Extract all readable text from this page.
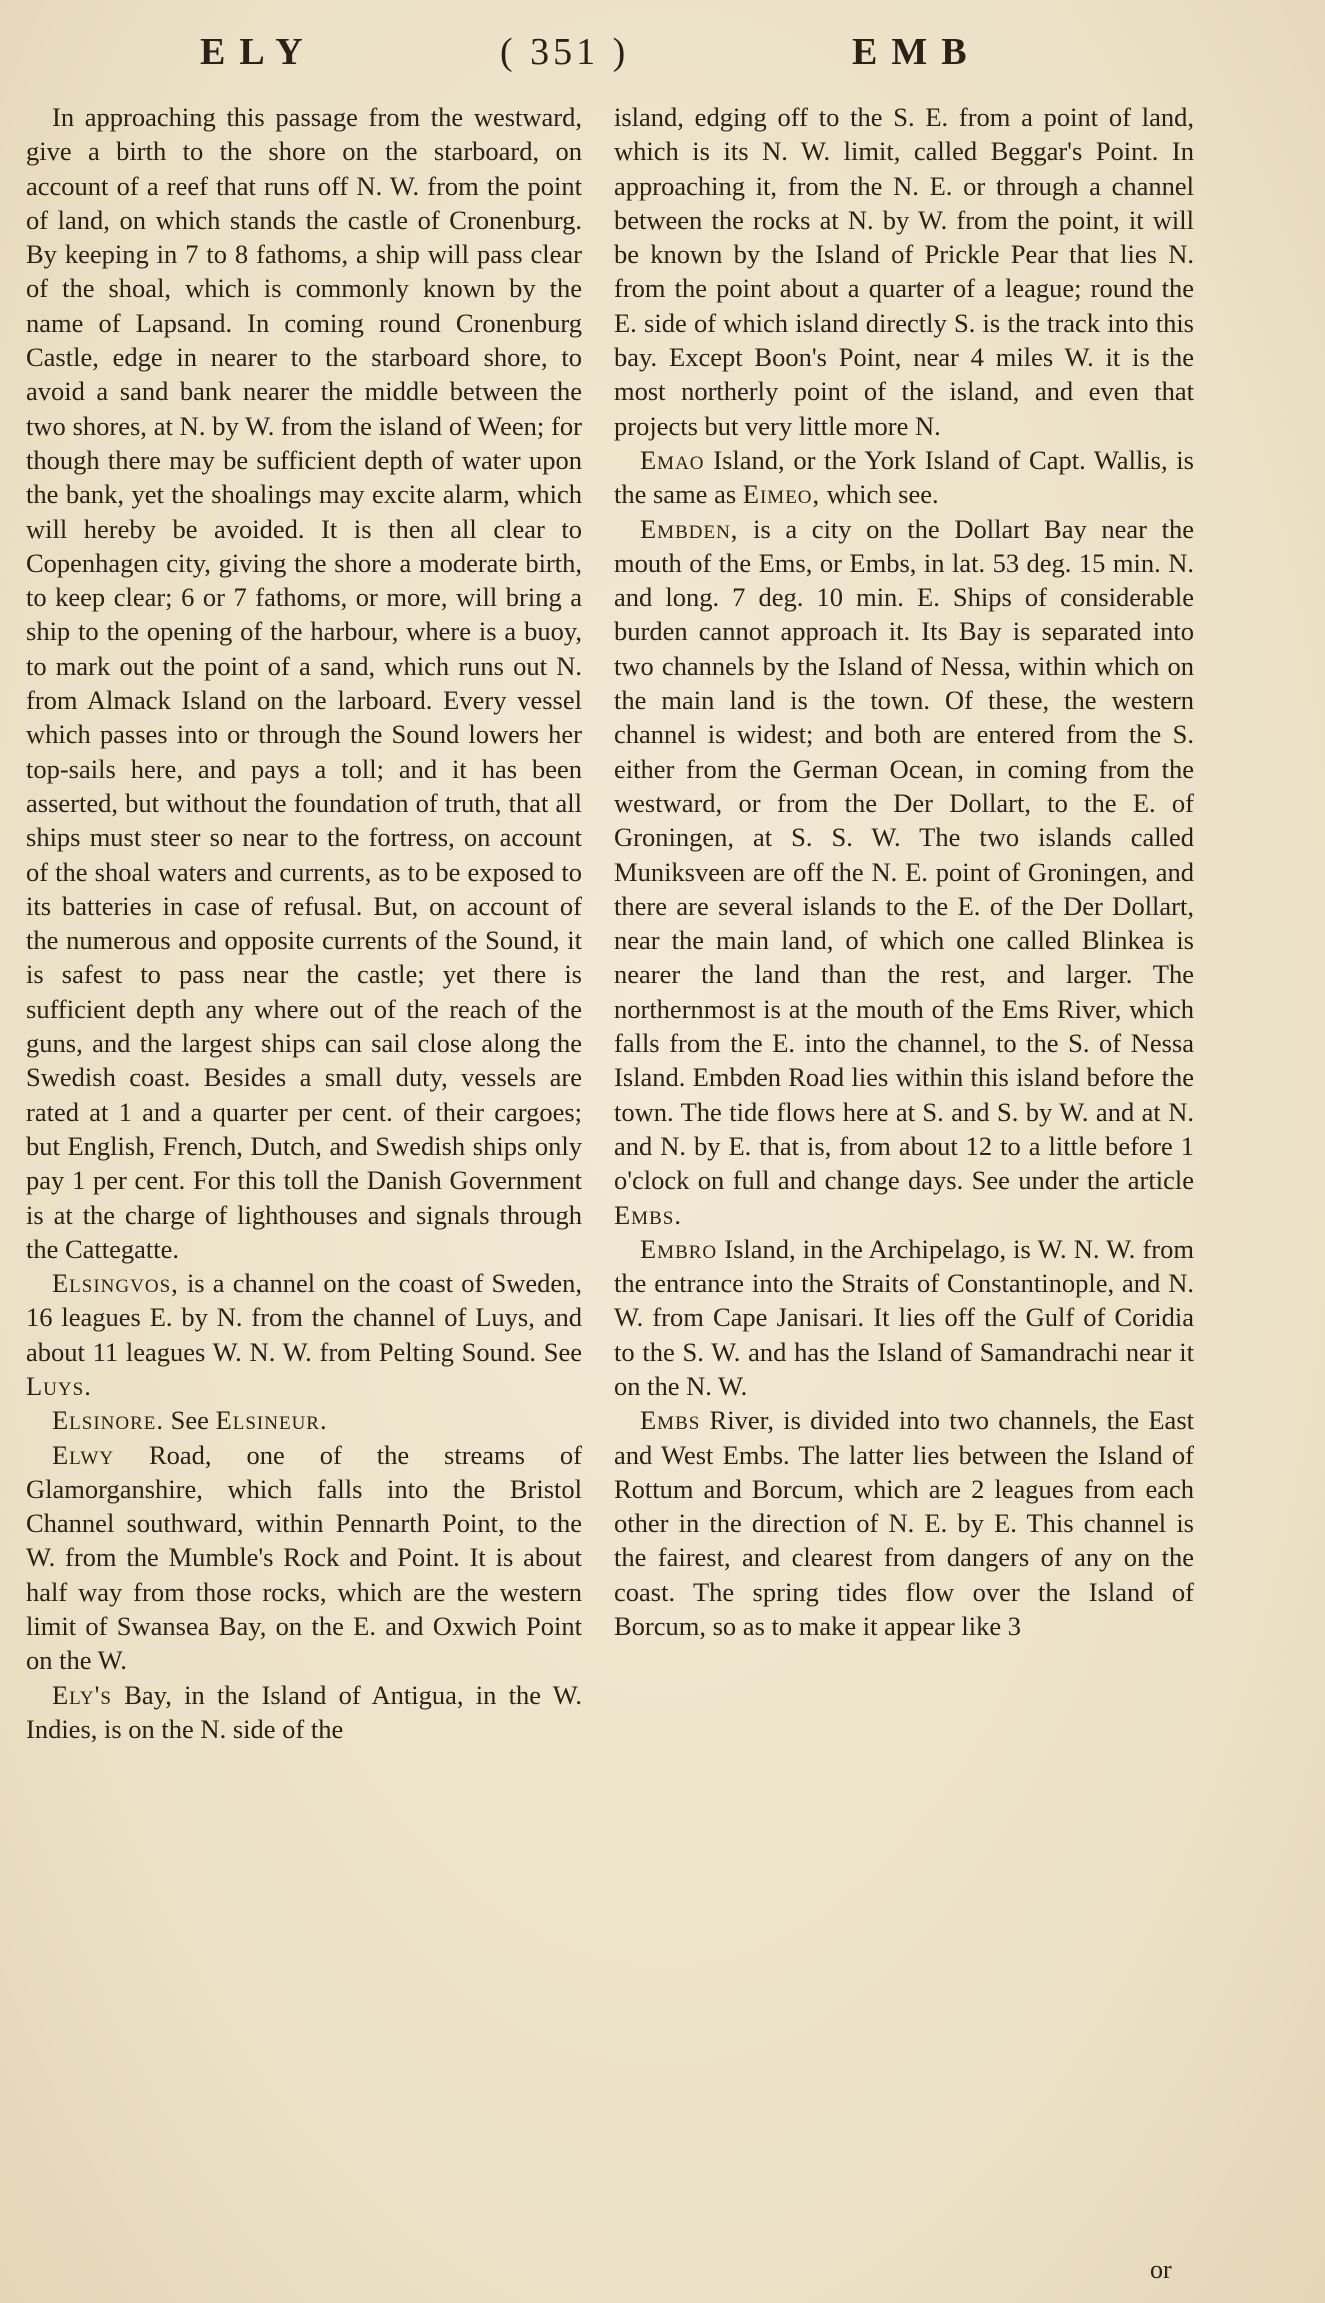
ELY	( 351 )	EMB

In approaching this passage from the westward, give a birth to the shore on the starboard, on account of a reef that runs off N. W. from the point of land, on which stands the castle of Cronenburg. By keeping in 7 to 8 fathoms, a ship will pass clear of the shoal, which is commonly known by the name of Lapsand. In coming round Cronenburg Castle, edge in nearer to the starboard shore, to avoid a sand bank nearer the middle between the two shores, at N. by W. from the island of Ween; for though there may be sufficient depth of water upon the bank, yet the shoalings may excite alarm, which will hereby be avoided. It is then all clear to Copenhagen city, giving the shore a moderate birth, to keep clear; 6 or 7 fathoms, or more, will bring a ship to the opening of the harbour, where is a buoy, to mark out the point of a sand, which runs out N. from Almack Island on the larboard. Every vessel which passes into or through the Sound lowers her top-sails here, and pays a toll; and it has been asserted, but without the foundation of truth, that all ships must steer so near to the fortress, on account of the shoal waters and currents, as to be exposed to its batteries in case of refusal. But, on account of the numerous and opposite currents of the Sound, it is safest to pass near the castle; yet there is sufficient depth any where out of the reach of the guns, and the largest ships can sail close along the Swedish coast. Besides a small duty, vessels are rated at 1 and a quarter per cent. of their cargoes; but English, French, Dutch, and Swedish ships only pay 1 per cent. For this toll the Danish Government is at the charge of lighthouses and signals through the Cattegatte.

Elsingvos, is a channel on the coast of Sweden, 16 leagues E. by N. from the channel of Luys, and about 11 leagues W. N. W. from Pelting Sound. See Luys.

Elsinore. See Elsineur.

Elwy Road, one of the streams of Glamorganshire, which falls into the Bristol Channel southward, within Pennarth Point, to the W. from the Mumble's Rock and Point. It is about half way from those rocks, which are the western limit of Swansea Bay, on the E. and Oxwich Point on the W.

Ely's Bay, in the Island of Antigua, in the W. Indies, is on the N. side of the

island, edging off to the S. E. from a point of land, which is its N. W. limit, called Beggar's Point. In approaching it, from the N. E. or through a channel between the rocks at N. by W. from the point, it will be known by the Island of Prickle Pear that lies N. from the point about a quarter of a league; round the E. side of which island directly S. is the track into this bay. Except Boon's Point, near 4 miles W. it is the most northerly point of the island, and even that projects but very little more N.

Emao Island, or the York Island of Capt. Wallis, is the same as Eimeo, which see.

Embden, is a city on the Dollart Bay near the mouth of the Ems, or Embs, in lat. 53 deg. 15 min. N. and long. 7 deg. 10 min. E. Ships of considerable burden cannot approach it. Its Bay is separated into two channels by the Island of Nessa, within which on the main land is the town. Of these, the western channel is widest; and both are entered from the S. either from the German Ocean, in coming from the westward, or from the Der Dollart, to the E. of Groningen, at S. S. W. The two islands called Muniksveen are off the N. E. point of Groningen, and there are several islands to the E. of the Der Dollart, near the main land, of which one called Blinkea is nearer the land than the rest, and larger. The northernmost is at the mouth of the Ems River, which falls from the E. into the channel, to the S. of Nessa Island. Embden Road lies within this island before the town. The tide flows here at S. and S. by W. and at N. and N. by E. that is, from about 12 to a little before 1 o'clock on full and change days. See under the article Embs.

Embro Island, in the Archipelago, is W. N. W. from the entrance into the Straits of Constantinople, and N. W. from Cape Janisari. It lies off the Gulf of Coridia to the S. W. and has the Island of Samandrachi near it on the N. W.

Embs River, is divided into two channels, the East and West Embs. The latter lies between the Island of Rottum and Borcum, which are 2 leagues from each other in the direction of N. E. by E. This channel is the fairest, and clearest from dangers of any on the coast. The spring tides flow over the Island of Borcum, so as to make it appear like 3

or
